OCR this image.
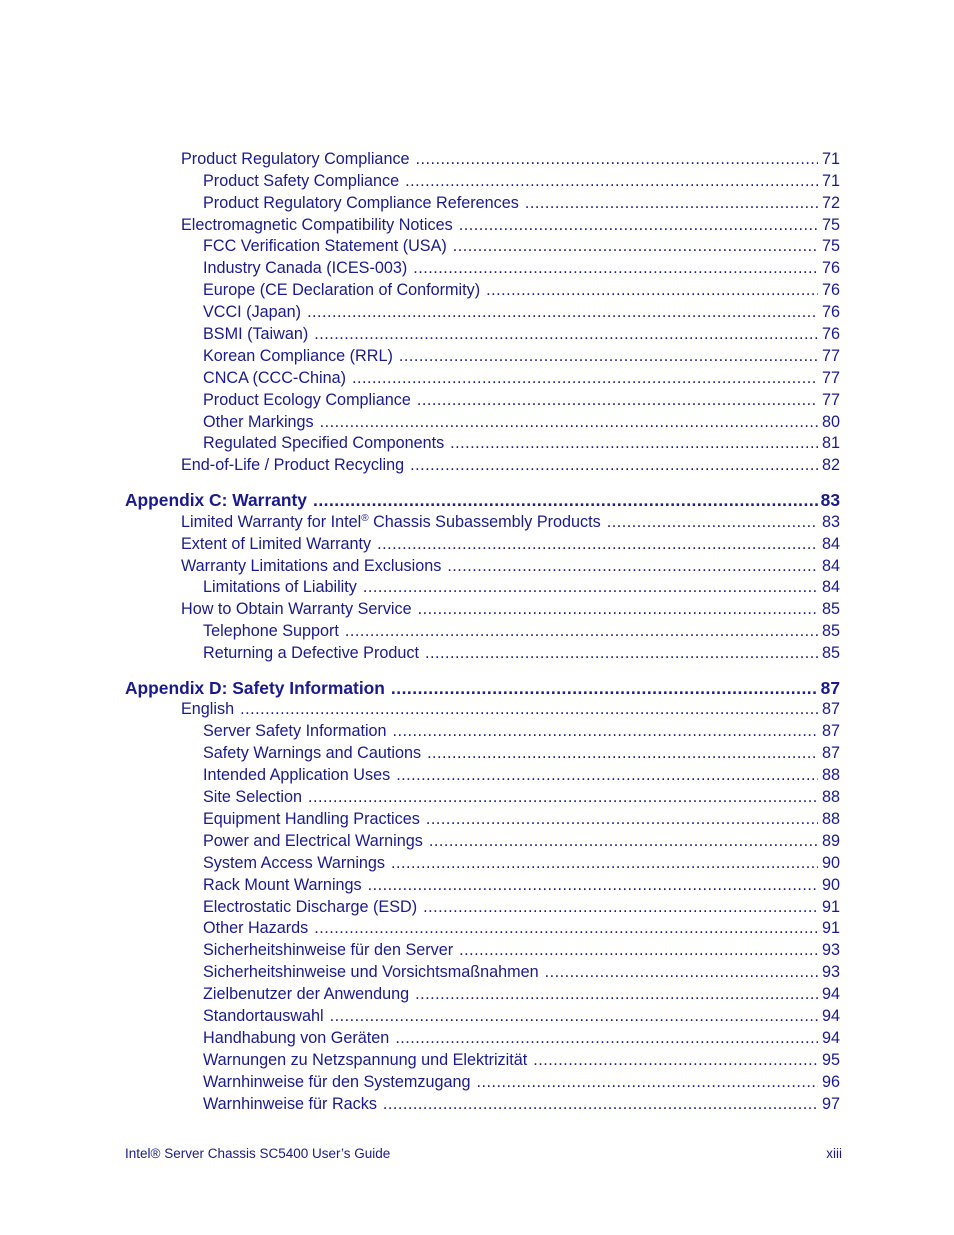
Product Regulatory Compliance .....	71
Product Safety Compliance .....	71
Product Regulatory Compliance References .....	72
Electromagnetic Compatibility Notices .....	75
FCC Verification Statement (USA) .....	75
Industry Canada (ICES-003) .....	76
Europe (CE Declaration of Conformity) .....	76
VCCI (Japan) .....	76
BSMI (Taiwan) .....	76
Korean Compliance (RRL) .....	77
CNCA (CCC-China) .....	77
Product Ecology Compliance .....	77
Other Markings .....	80
Regulated Specified Components .....	81
End-of-Life / Product Recycling .....	82
Appendix C: Warranty .....	83
Limited Warranty for Intel® Chassis Subassembly Products .....	83
Extent of Limited Warranty .....	84
Warranty Limitations and Exclusions .....	84
Limitations of Liability .....	84
How to Obtain Warranty Service .....	85
Telephone Support .....	85
Returning a Defective Product .....	85
Appendix D: Safety Information .....	87
English .....	87
Server Safety Information .....	87
Safety Warnings and Cautions .....	87
Intended Application Uses .....	88
Site Selection .....	88
Equipment Handling Practices .....	88
Power and Electrical Warnings .....	89
System Access Warnings .....	90
Rack Mount Warnings .....	90
Electrostatic Discharge (ESD) .....	91
Other Hazards .....	91
Sicherheitshinweise für den Server .....	93
Sicherheitshinweise und Vorsichtsmaßnahmen .....	93
Zielbenutzer der Anwendung .....	94
Standortauswahl .....	94
Handhabung von Geräten .....	94
Warnungen zu Netzspannung und Elektrizität .....	95
Warnhinweise für den Systemzugang .....	96
Warnhinweise für Racks .....	97
Intel® Server Chassis SC5400 User’s Guide	xiii
